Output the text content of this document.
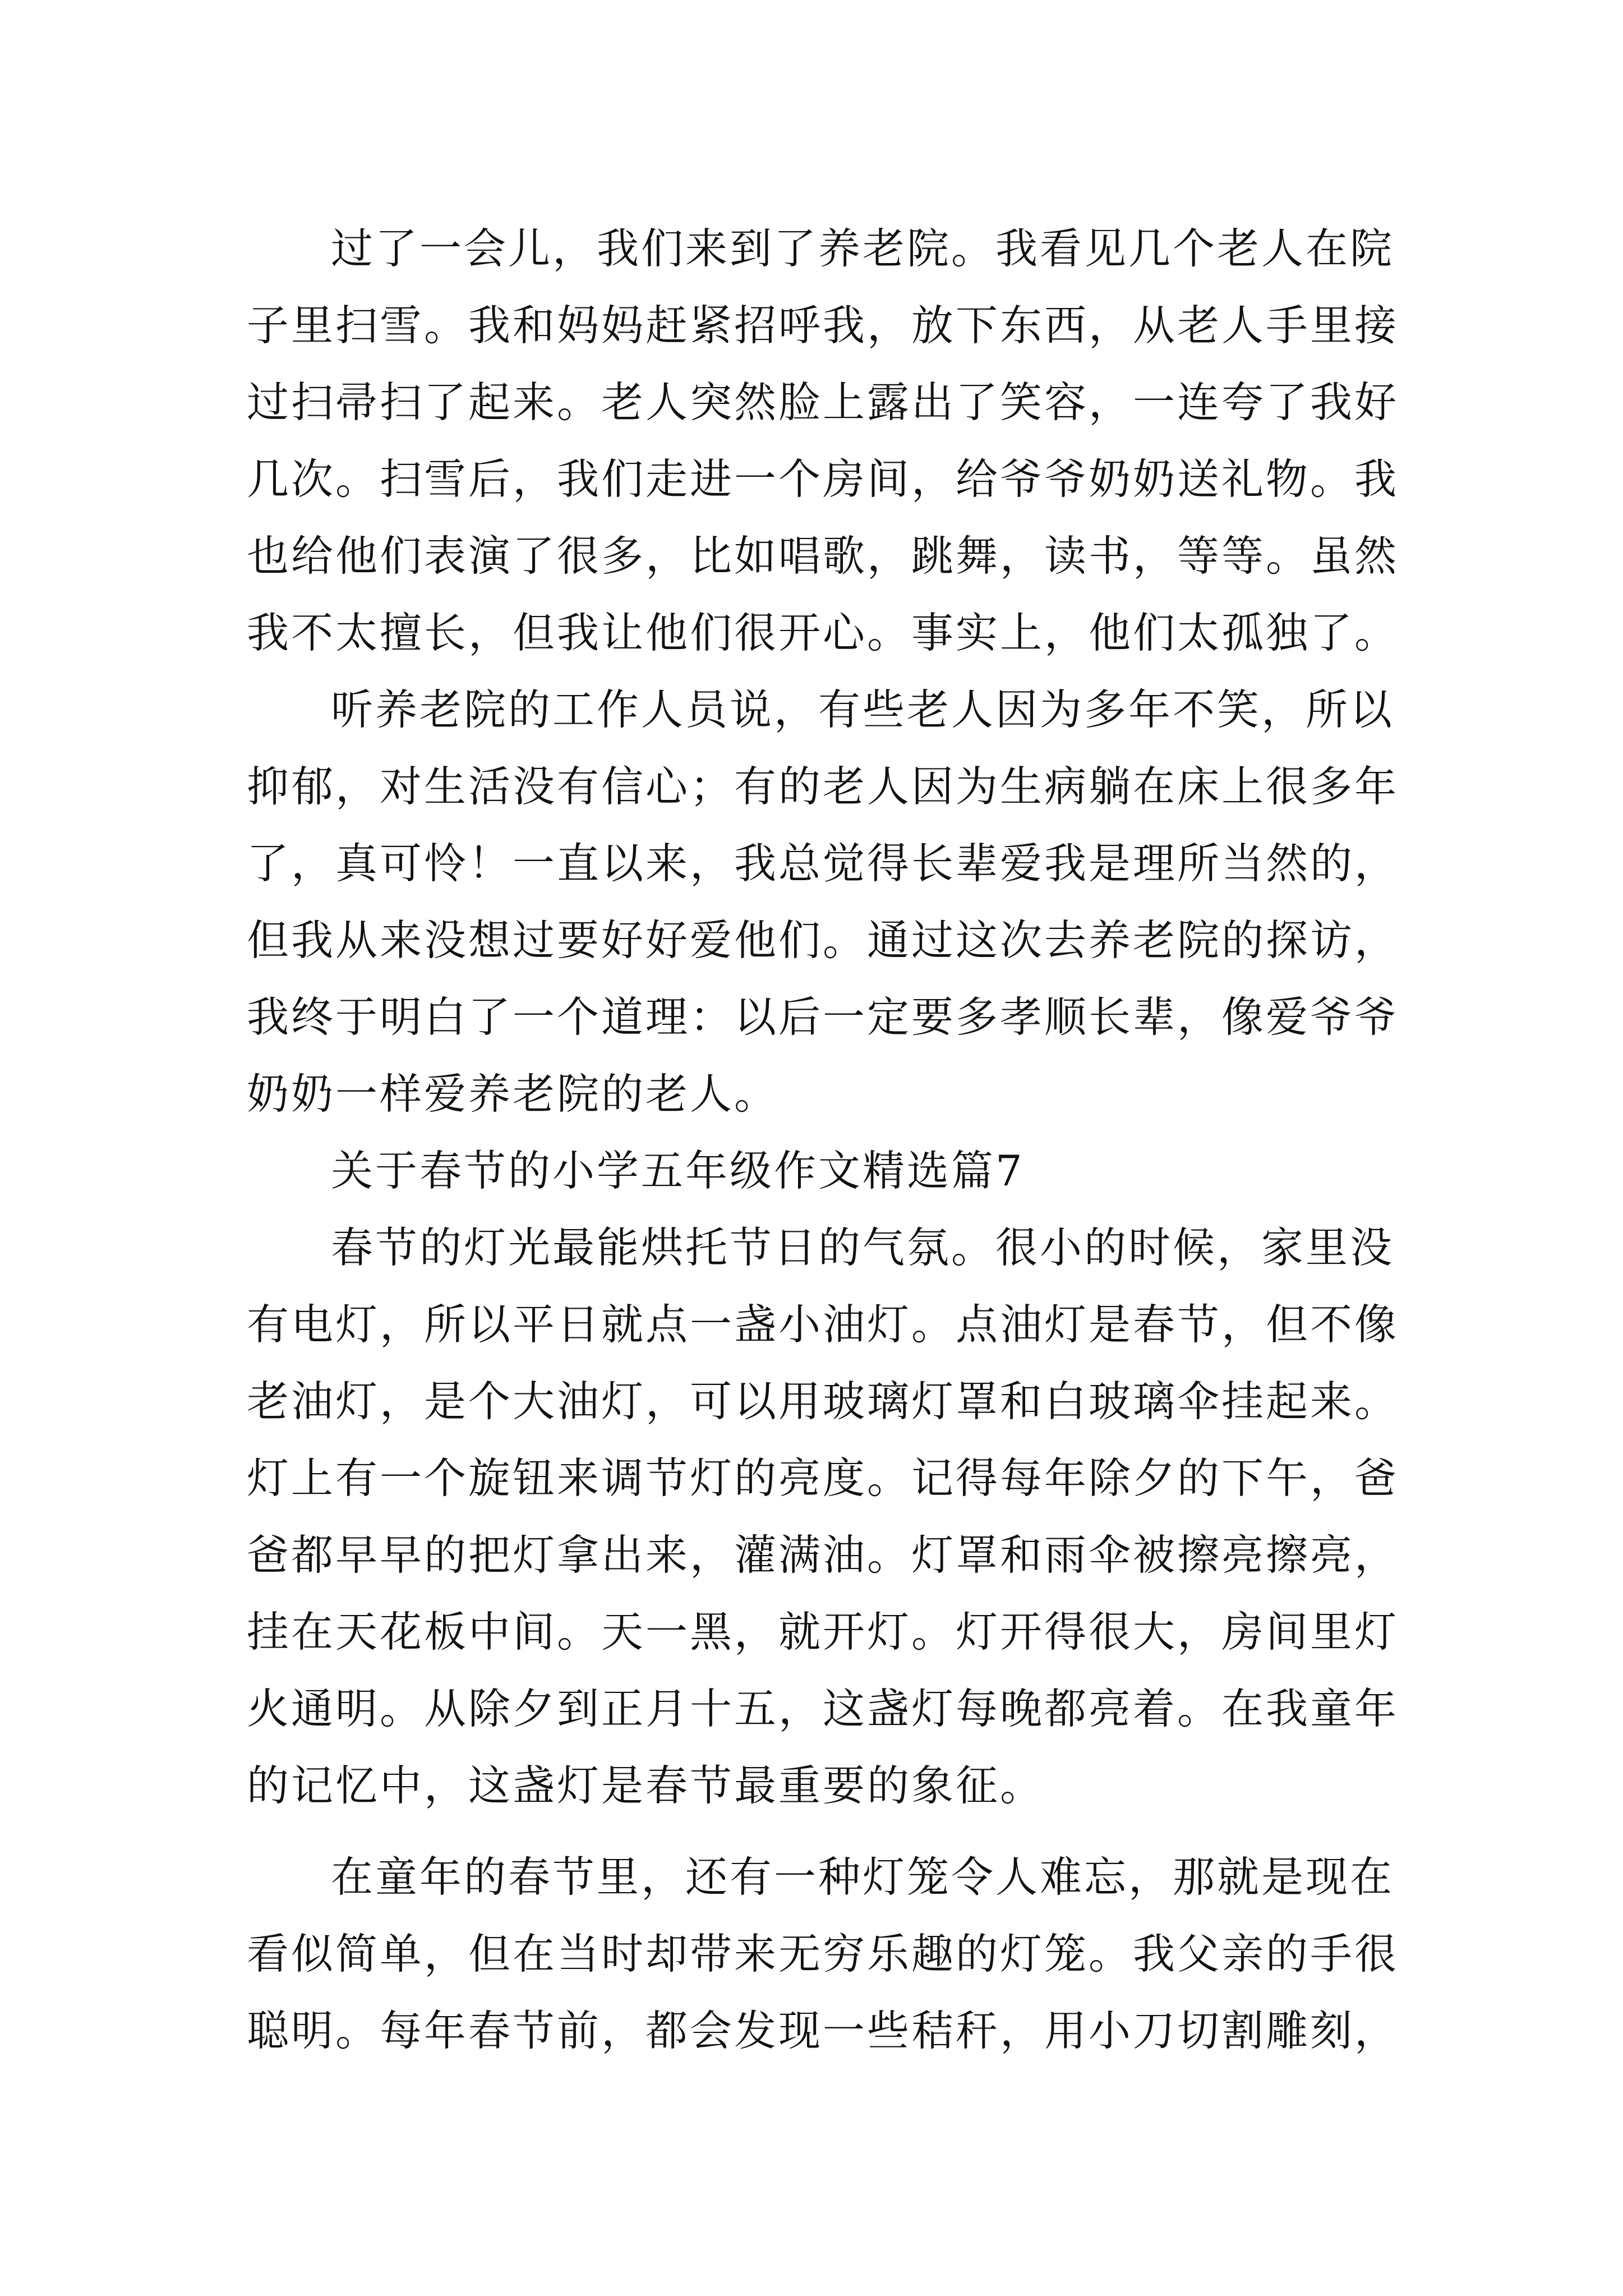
过了一会儿，我们来到了养老院。我看见几个老人在院
子里扫雪。我和妈妈赶紧招呼我，放下东西，从老人手里接
过扫帚扫了起来。老人突然脸上露出了笑容，一连夸了我好
几次。扫雪后，我们走进一个房间，给爷爷奶奶送礼物。我
也给他们表演了很多，比如唱歌，跳舞，读书，等等。虽然
我不太擅长，但我让他们很开心。事实上，他们太孤独了。
听养老院的工作人员说，有些老人因为多年不笑，所以
抑郁，对生活没有信心；有的老人因为生病躺在床上很多年
了，真可怜！一直以来，我总觉得长辈爱我是理所当然的，
但我从来没想过要好好爱他们。通过这次去养老院的探访，
我终于明白了一个道理：以后一定要多孝顺长辈，像爱爷爷
奶奶一样爱养老院的老人。
关于春节的小学五年级作文精选篇7
春节的灯光最能烘托节日的气氛。很小的时候，家里没
有电灯，所以平日就点一盏小油灯。点油灯是春节，但不像
老油灯，是个大油灯，可以用玻璃灯罩和白玻璃伞挂起来。
灯上有一个旋钮来调节灯的亮度。记得每年除夕的下午，爸
爸都早早的把灯拿出来，灌满油。灯罩和雨伞被擦亮擦亮，
挂在天花板中间。天一黑，就开灯。灯开得很大，房间里灯
火通明。从除夕到正月十五，这盏灯每晚都亮着。在我童年
的记忆中，这盏灯是春节最重要的象征。
在童年的春节里，还有一种灯笼令人难忘，那就是现在
看似简单，但在当时却带来无穷乐趣的灯笼。我父亲的手很
聪明。每年春节前，都会发现一些秸秆，用小刀切割雕刻，
